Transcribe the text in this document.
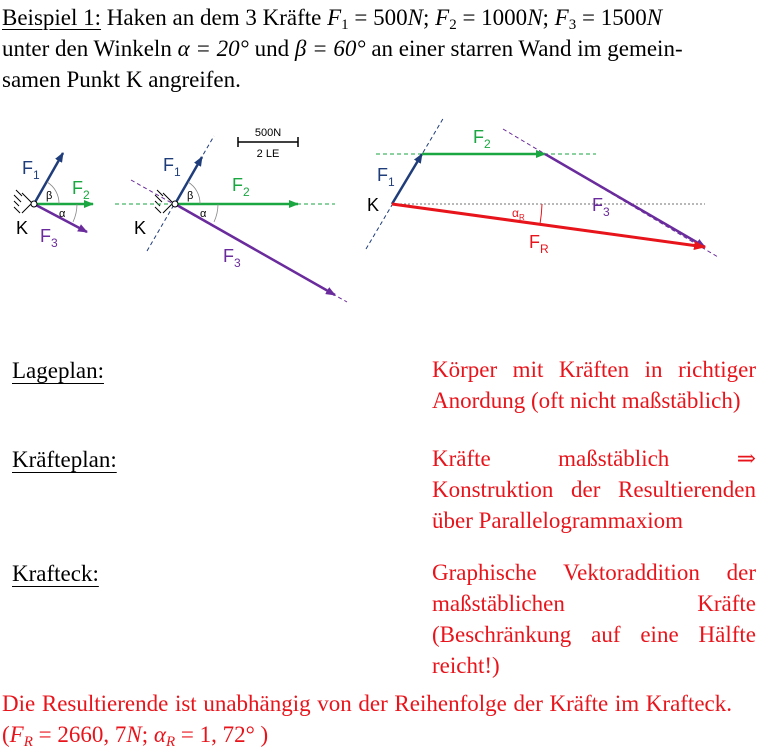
Beispiel 1: Haken an dem 3 Kräfte $F_1 = 500N$; $F_2 = 1000N$; $F_3 = 1500N$
unter den Winkeln α = 20° und β = 60° an einer starren Wand im gemein-
samen Punkt K angreifen.
$F_1$
$F_2$
$F_3$
β
α
K
500N
2 LE
$F_1$
$F_2$
$F_3$
β
α
K
$F_1$
$F_2$
$F_3$
$F_R$
$\alpha_R$
K
Lageplan:	Körper mit Kräften in richtiger Anordung (oft nicht maßstäblich)
Kräfteplan:	Kräfte maßstäblich ⇒ Konstruktion der Resultierenden über Parallelogrammaxiom
Krafteck:	Graphische Vektoraddition der maßstäblichen Kräfte (Beschränkung auf eine Hälfte reicht!)
Die Resultierende ist unabhängig von der Reihenfolge der Kräfte im Krafteck. ($F_R = 2660$, 7N; $\alpha_R = 1$, 72° )
